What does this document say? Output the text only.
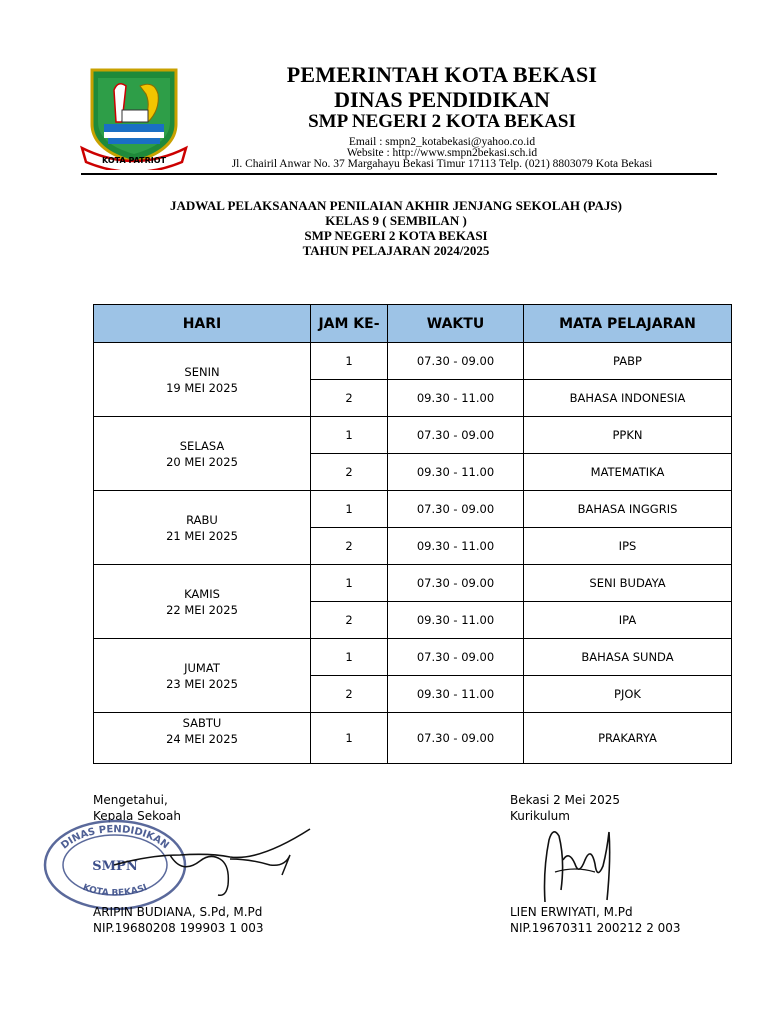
KOTA PATRIOT
PEMERINTAH KOTA BEKASI
DINAS PENDIDIKAN
SMP NEGERI 2 KOTA BEKASI
Email : smpn2_kotabekasi@yahoo.co.id
Website : http://www.smpn2bekasi.sch.id
Jl. Chairil Anwar No. 37 Margahayu Bekasi Timur 17113 Telp. (021) 8803079 Kota Bekasi
JADWAL PELAKSANAAN PENILAIAN AKHIR JENJANG SEKOLAH (PAJS)
KELAS 9 ( SEMBILAN )
SMP NEGERI 2 KOTA BEKASI
TAHUN PELAJARAN 2024/2025
HARI	JAM KE-	WAKTU	MATA PELAJARAN

SENIN
19 MEI 2025	1	07.30 - 09.00	PABP
	2	09.30 - 11.00	BAHASA INDONESIA

SELASA
20 MEI 2025	1	07.30 - 09.00	PPKN
	2	09.30 - 11.00	MATEMATIKA

RABU
21 MEI 2025	1	07.30 - 09.00	BAHASA INGGRIS
	2	09.30 - 11.00	IPS

KAMIS
22 MEI 2025	1	07.30 - 09.00	SENI BUDAYA
	2	09.30 - 11.00	IPA

JUMAT
23 MEI 2025	1	07.30 - 09.00	BAHASA SUNDA
	2	09.30 - 11.00	PJOK

SABTU
24 MEI 2025	1	07.30 - 09.00	PRAKARYA
Mengetahui,
Kepala Sekoah
Bekasi 2 Mei 2025
Kurikulum
DINAS PENDIDIKAN
SMPN
KOTA BEKASI
ARIPIN BUDIANA, S.Pd, M.Pd
NIP.19680208 199903 1 003
LIEN ERWIYATI, M.Pd
NIP.19670311 200212 2 003
